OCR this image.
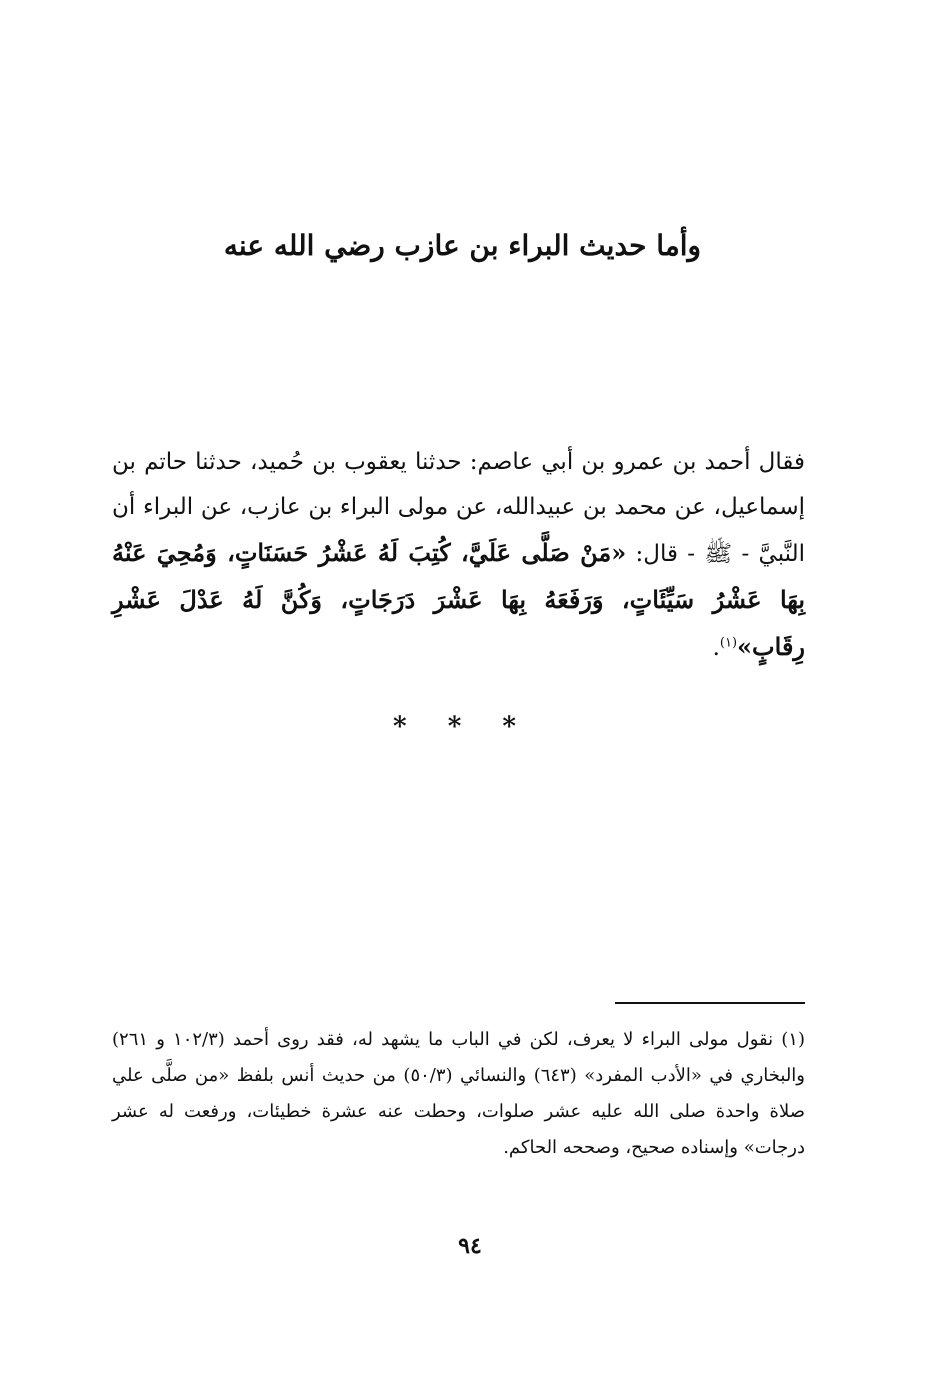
وأما حديث البراء بن عازب رضي الله عنه

فقال أحمد بن عمرو بن أبي عاصم: حدثنا يعقوب بن حُميد، حدثنا حاتم بن إسماعيل، عن محمد بن عبيدالله، عن مولى البراء بن عازب، عن البراء أن النَّبيَّ - ﷺ - قال: «مَنْ صَلَّى عَلَيَّ، كُتِبَ لَهُ عَشْرُ حَسَنَاتٍ، وَمُحِيَ عَنْهُ بِهَا عَشْرُ سَيِّئَاتٍ، وَرَفَعَهُ بِهَا عَشْرَ دَرَجَاتٍ، وَكُنَّ لَهُ عَدْلَ عَشْرِ رِقَابٍ»$^{(١)}$.

* * *

(١) نقول مولى البراء لا يعرف، لكن في الباب ما يشهد له، فقد روى أحمد (١٠٢/٣ و ٢٦١) والبخاري في «الأدب المفرد» (٦٤٣) والنسائي (٥٠/٣) من حديث أنس بلفظ «من صلَّى علي صلاة واحدة صلى الله عليه عشر صلوات، وحطت عنه عشرة خطيئات، ورفعت له عشر درجات» وإسناده صحيح، وصححه الحاكم.

٩٤
